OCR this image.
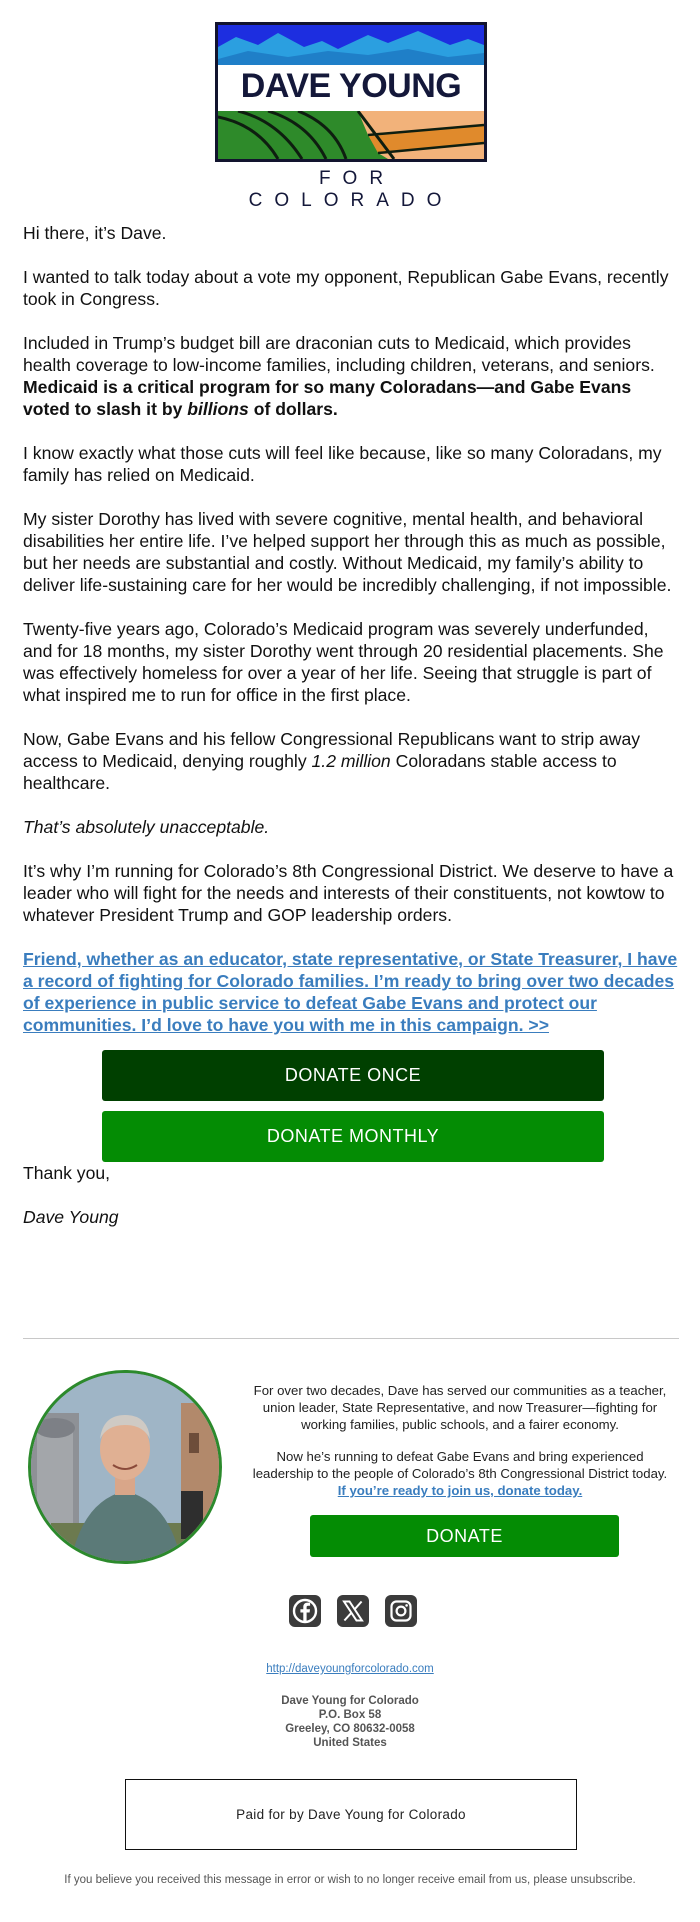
DAVE YOUNG
FOR COLORADO

Hi there, it’s Dave.

I wanted to talk today about a vote my opponent, Republican Gabe Evans, recently took in Congress.

Included in Trump’s budget bill are draconian cuts to Medicaid, which provides health coverage to low-income families, including children, veterans, and seniors. Medicaid is a critical program for so many Coloradans—and Gabe Evans voted to slash it by billions of dollars.

I know exactly what those cuts will feel like because, like so many Coloradans, my family has relied on Medicaid.

My sister Dorothy has lived with severe cognitive, mental health, and behavioral disabilities her entire life. I’ve helped support her through this as much as possible, but her needs are substantial and costly. Without Medicaid, my family’s ability to deliver life-sustaining care for her would be incredibly challenging, if not impossible.

Twenty-five years ago, Colorado’s Medicaid program was severely underfunded, and for 18 months, my sister Dorothy went through 20 residential placements. She was effectively homeless for over a year of her life. Seeing that struggle is part of what inspired me to run for office in the first place.

Now, Gabe Evans and his fellow Congressional Republicans want to strip away access to Medicaid, denying roughly 1.2 million Coloradans stable access to healthcare.

That’s absolutely unacceptable.

It’s why I’m running for Colorado’s 8th Congressional District. We deserve to have a leader who will fight for the needs and interests of their constituents, not kowtow to whatever President Trump and GOP leadership orders.

Friend, whether as an educator, state representative, or State Treasurer, I have a record of fighting for Colorado families. I’m ready to bring over two decades of experience in public service to defeat Gabe Evans and protect our communities. I’d love to have you with me in this campaign. >>

DONATE ONCE
DONATE MONTHLY

Thank you,

Dave Young

For over two decades, Dave has served our communities as a teacher, union leader, State Representative, and now Treasurer—fighting for working families, public schools, and a fairer economy.

Now he’s running to defeat Gabe Evans and bring experienced leadership to the people of Colorado’s 8th Congressional District today. If you’re ready to join us, donate today.

DONATE
http://daveyoungforcolorado.com
Dave Young for Colorado
P.O. Box 58
Greeley, CO 80632-0058
United States
Paid for by Dave Young for Colorado
If you believe you received this message in error or wish to no longer receive email from us, please unsubscribe.
